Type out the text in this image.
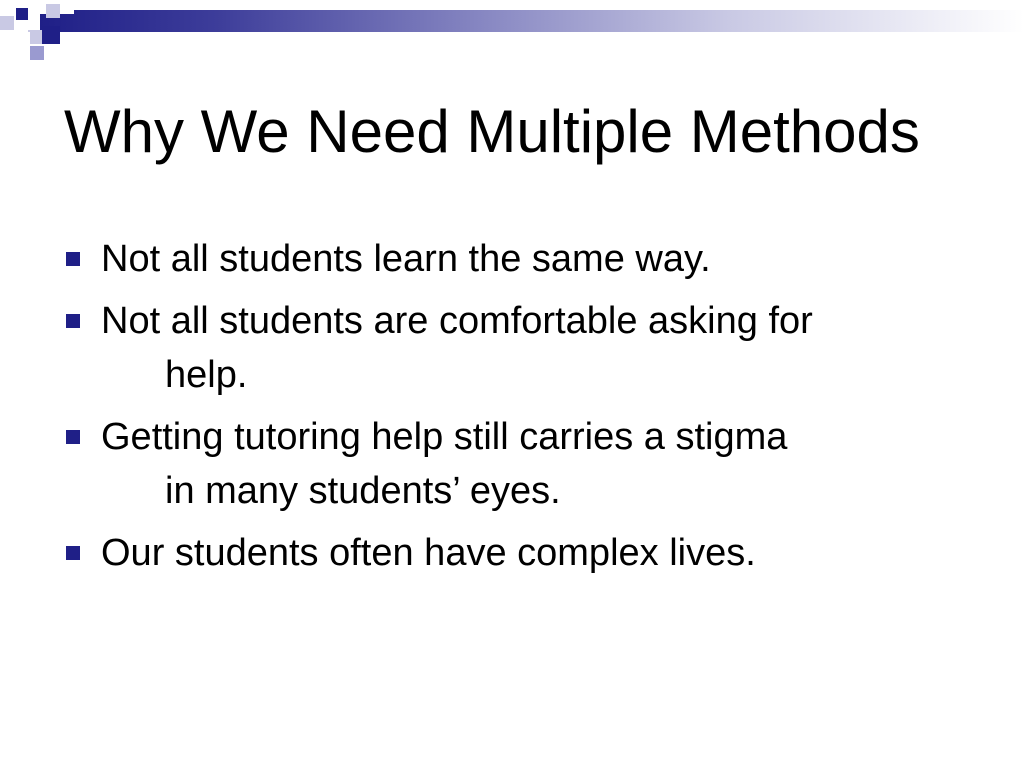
Why We Need Multiple Methods
Not all students learn the same way.
Not all students are comfortable asking for
help.
Getting tutoring help still carries a stigma
in many students’ eyes.
Our students often have complex lives.
